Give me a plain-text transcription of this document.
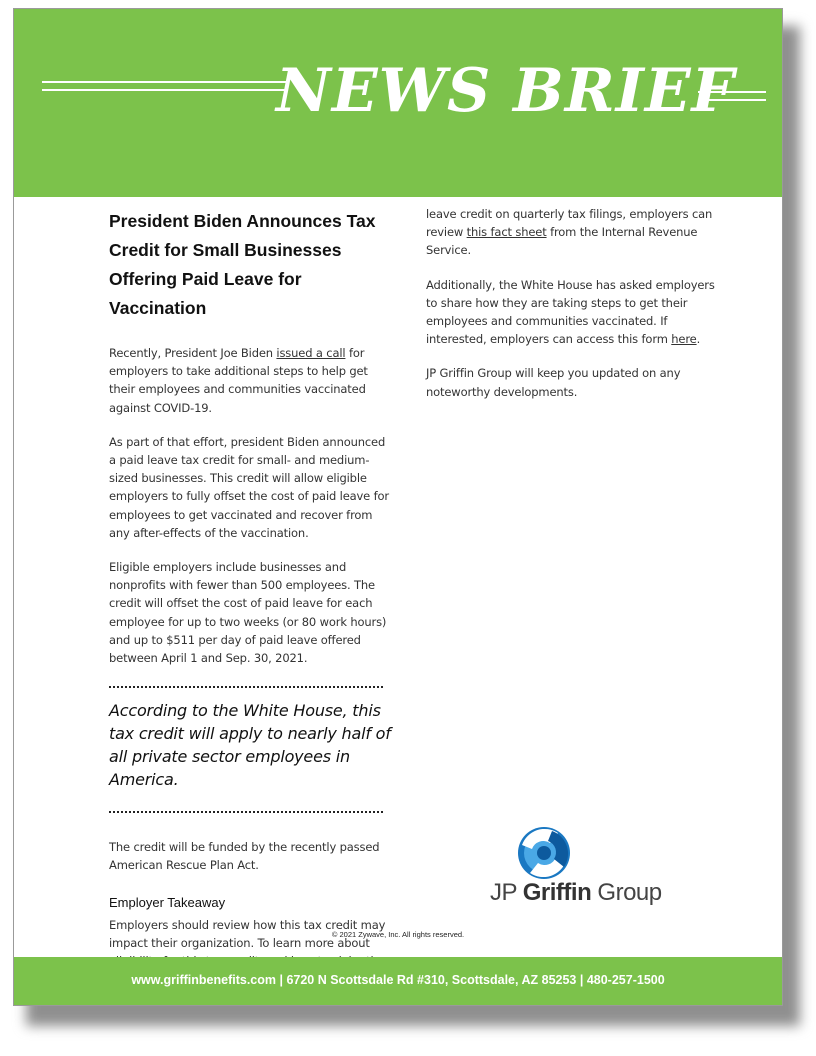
NEWS BRIEF
President Biden Announces Tax Credit for Small Businesses Offering Paid Leave for Vaccination

Recently, President Joe Biden issued a call for employers to take additional steps to help get their employees and communities vaccinated against COVID-19.

As part of that effort, president Biden announced a paid leave tax credit for small- and medium-sized businesses. This credit will allow eligible employers to fully offset the cost of paid leave for employees to get vaccinated and recover from any after-effects of the vaccination.

Eligible employers include businesses and nonprofits with fewer than 500 employees. The credit will offset the cost of paid leave for each employee for up to two weeks (or 80 work hours) and up to $511 per day of paid leave offered between April 1 and Sep. 30, 2021.

According to the White House, this tax credit will apply to nearly half of all private sector employees in America.

The credit will be funded by the recently passed American Rescue Plan Act.

Employer Takeaway

Employers should review how this tax credit may impact their organization. To learn more about

leave credit on quarterly tax filings, employers can review this fact sheet from the Internal Revenue Service.

Additionally, the White House has asked employers to share how they are taking steps to get their employees and communities vaccinated. If interested, employers can access this form here.

JP Griffin Group will keep you updated on any noteworthy developments.

JP Griffin Group
© 2021 Zywave, Inc. All rights reserved.
www.griffinbenefits.com | 6720 N Scottsdale Rd #310, Scottsdale, AZ 85253 | 480-257-1500
